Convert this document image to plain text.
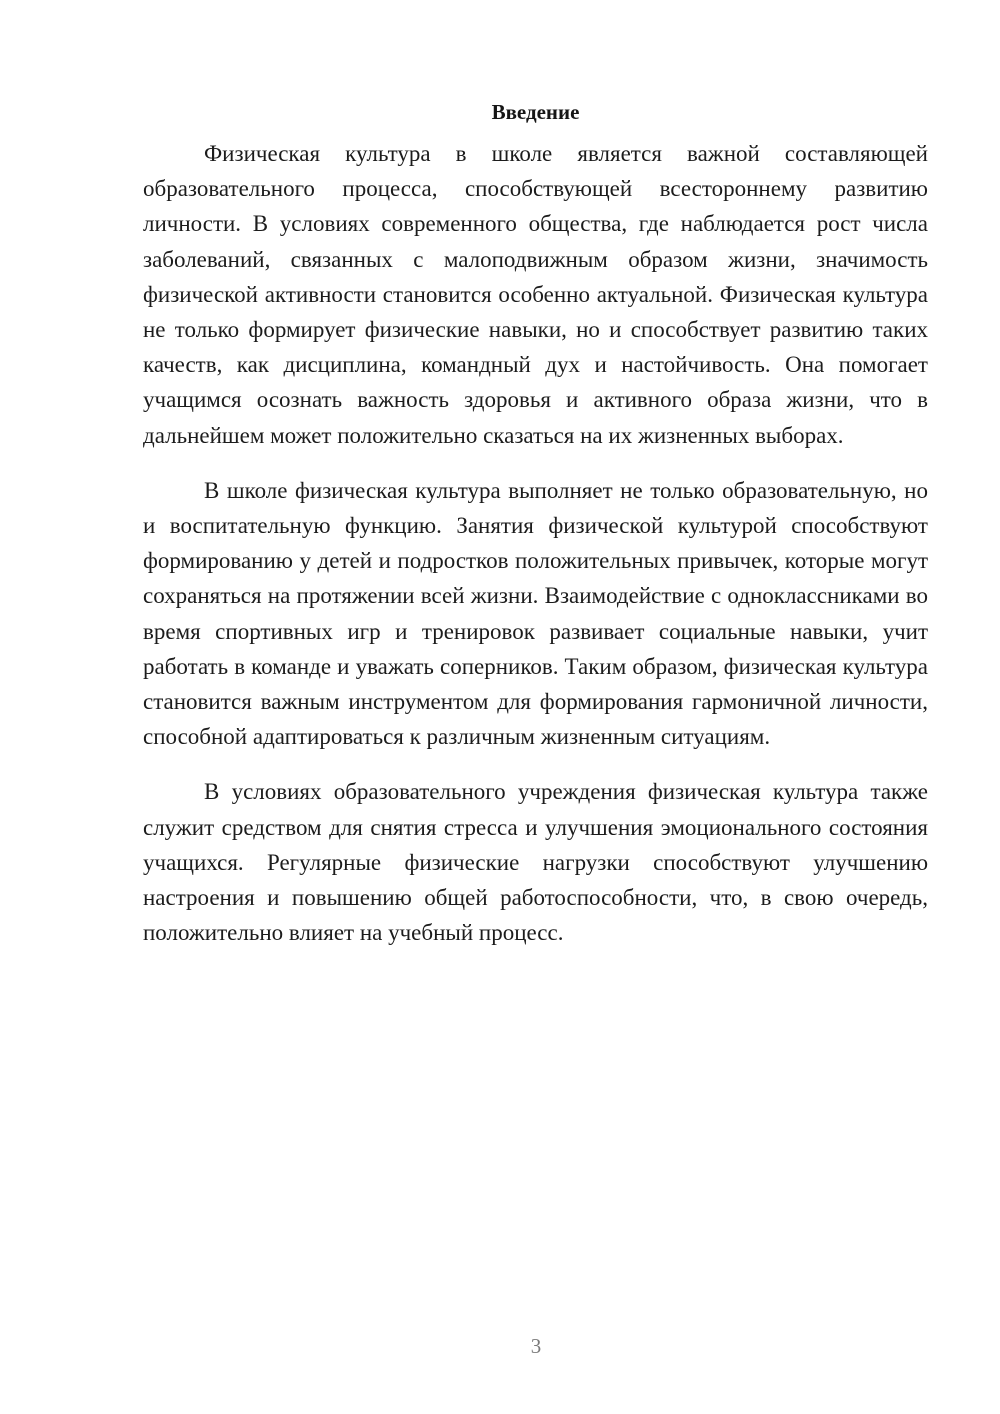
Введение

Физическая культура в школе является важной составляющей образовательного процесса, способствующей всестороннему развитию личности. В условиях современного общества, где наблюдается рост числа заболеваний, связанных с малоподвижным образом жизни, значимость физической активности становится особенно актуальной. Физическая культура не только формирует физические навыки, но и способствует развитию таких качеств, как дисциплина, командный дух и настойчивость. Она помогает учащимся осознать важность здоровья и активного образа жизни, что в дальнейшем может положительно сказаться на их жизненных выборах.

В школе физическая культура выполняет не только образовательную, но и воспитательную функцию. Занятия физической культурой способствуют формированию у детей и подростков положительных привычек, которые могут сохраняться на протяжении всей жизни. Взаимодействие с одноклассниками во время спортивных игр и тренировок развивает социальные навыки, учит работать в команде и уважать соперников. Таким образом, физическая культура становится важным инструментом для формирования гармоничной личности, способной адаптироваться к различным жизненным ситуациям.

В условиях образовательного учреждения физическая культура также служит средством для снятия стресса и улучшения эмоционального состояния учащихся. Регулярные физические нагрузки способствуют улучшению настроения и повышению общей работоспособности, что, в свою очередь, положительно влияет на учебный процесс.

3
